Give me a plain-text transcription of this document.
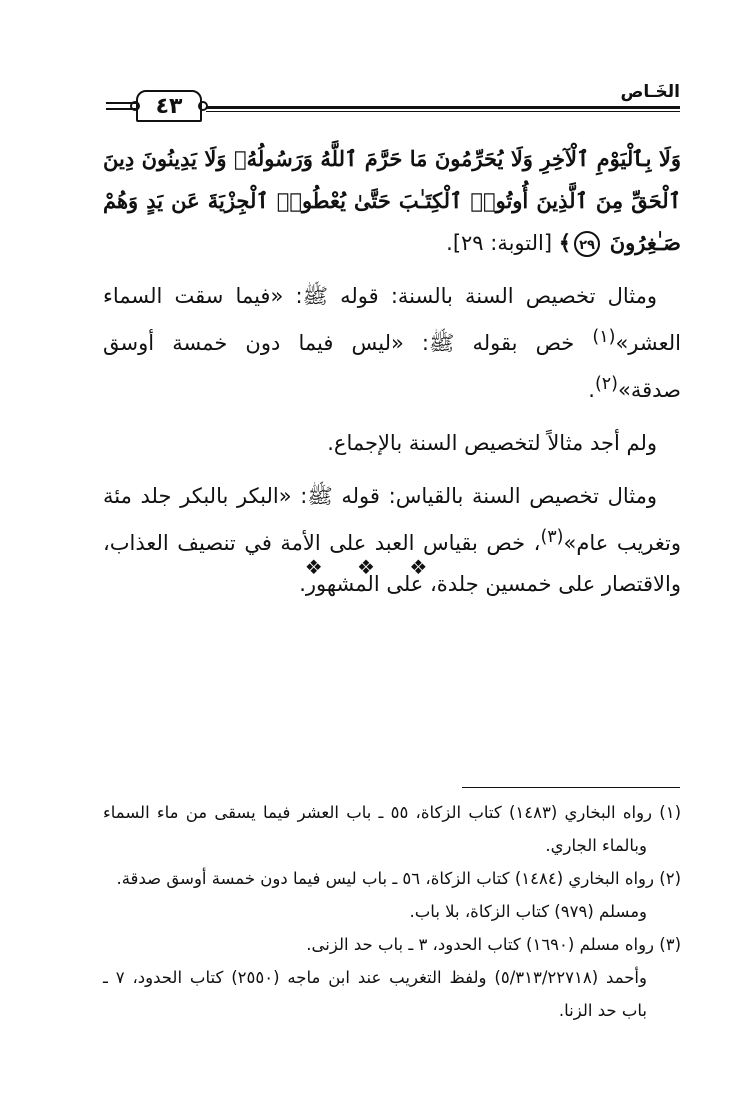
٤٣
الخَـاص

وَلَا بِٱلْيَوْمِ ٱلْآخِرِ وَلَا يُحَرِّمُونَ مَا حَرَّمَ ٱللَّهُ وَرَسُولُهُۥ وَلَا يَدِينُونَ دِينَ ٱلْحَقِّ مِنَ ٱلَّذِينَ أُوتُوا۟ ٱلْكِتَـٰبَ حَتَّىٰ يُعْطُوا۟ ٱلْجِزْيَةَ عَن يَدٍ وَهُمْ صَـٰغِرُونَ ٢٩﴾ [التوبة: ٢٩].

ومثال تخصيص السنة بالسنة: قوله ﷺ: «فيما سقت السماء العشر»$^{(١)}$ خص بقوله ﷺ: «ليس فيما دون خمسة أوسق صدقة»$^{(٢)}$.

ولم أجد مثالاً لتخصيص السنة بالإجماع.

ومثال تخصيص السنة بالقياس: قوله ﷺ: «البكر بالبكر جلد مئة وتغريب عام»$^{(٣)}$، خص بقياس العبد على الأمة في تنصيف العذاب، والاقتصار على خمسين جلدة، على المشهور.

❖ ❖ ❖

(١) رواه البخاري (١٤٨٣) كتاب الزكاة، ٥٥ ـ باب العشر فيما يسقى من ماء السماء وبالماء الجاري.

(٢) رواه البخاري (١٤٨٤) كتاب الزكاة، ٥٦ ـ باب ليس فيما دون خمسة أوسق صدقة.

ومسلم (٩٧٩) كتاب الزكاة، بلا باب.

(٣) رواه مسلم (١٦٩٠) كتاب الحدود، ٣ ـ باب حد الزنى.

وأحمد (٥/٣١٣/٢٢٧١٨) ولفظ التغريب عند ابن ماجه (٢٥٥٠) كتاب الحدود، ٧ ـ باب حد الزنا.
